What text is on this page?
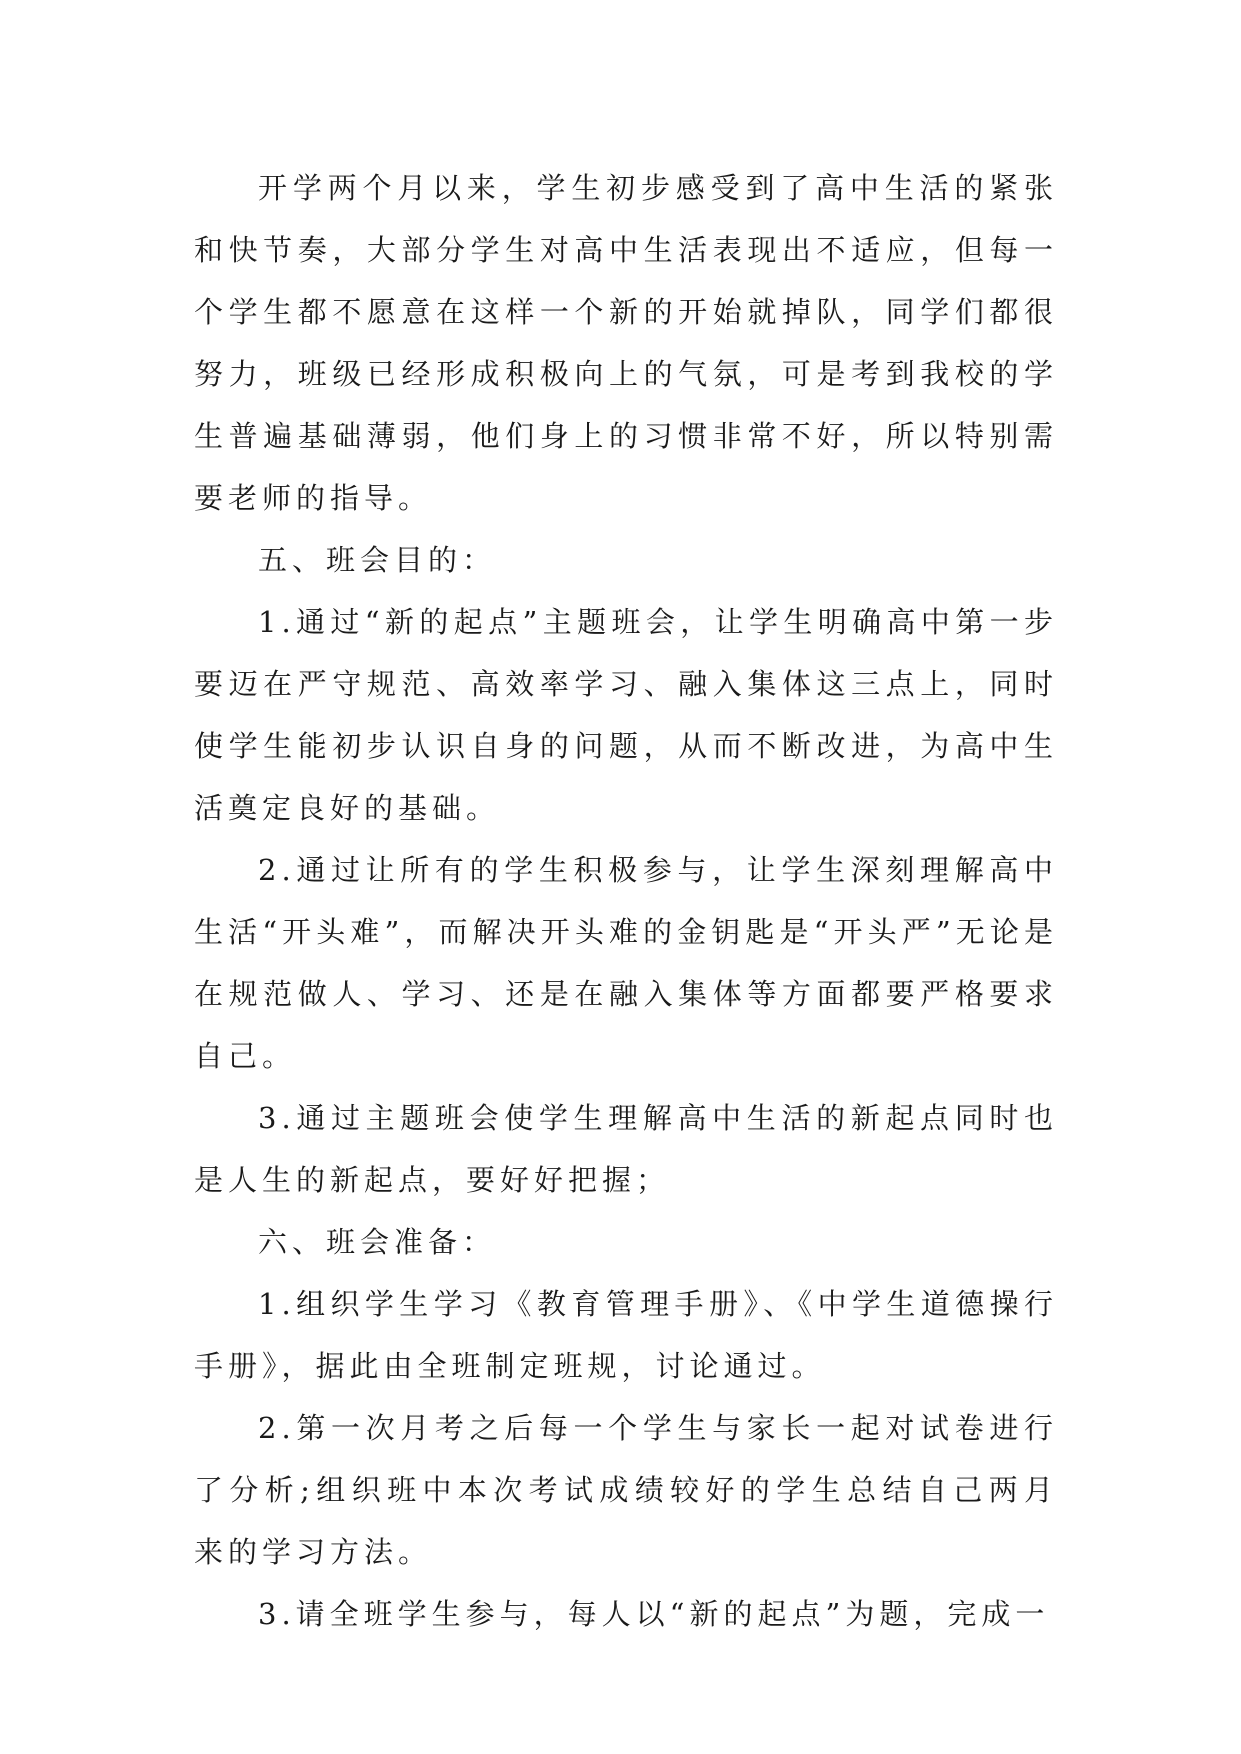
开学两个月以来，学生初步感受到了高中生活的紧张和快节奏，大部分学生对高中生活表现出不适应，但每一个学生都不愿意在这样一个新的开始就掉队，同学们都很努力，班级已经形成积极向上的气氛，可是考到我校的学生普遍基础薄弱，他们身上的习惯非常不好，所以特别需要老师的指导。

五、班会目的：

1.通过“新的起点”主题班会，让学生明确高中第一步要迈在严守规范、高效率学习、融入集体这三点上，同时使学生能初步认识自身的问题，从而不断改进，为高中生活奠定良好的基础。

2.通过让所有的学生积极参与，让学生深刻理解高中生活“开头难”，而解决开头难的金钥匙是“开头严”无论是在规范做人、学习、还是在融入集体等方面都要严格要求自己。

3.通过主题班会使学生理解高中生活的新起点同时也是人生的新起点，要好好把握；

六、班会准备：

1.组织学生学习《教育管理手册》、《中学生道德操行手册》，据此由全班制定班规，讨论通过。

2.第一次月考之后每一个学生与家长一起对试卷进行了分析;组织班中本次考试成绩较好的学生总结自己两月来的学习方法。

3.请全班学生参与，每人以“新的起点”为题，完成一
